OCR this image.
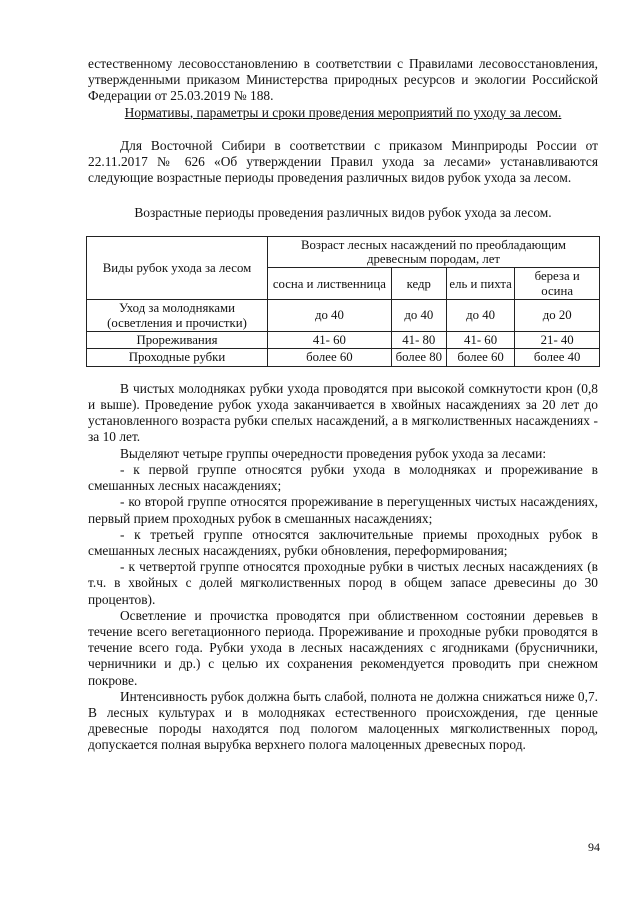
естественному лесовосстановлению в соответствии с Правилами лесовосстановления, утвержденными приказом Министерства природных ресурсов и экологии Российской Федерации от 25.03.2019 № 188.

Нормативы, параметры и сроки проведения мероприятий по уходу за лесом.

Для Восточной Сибири в соответствии с приказом Минприроды России от 22.11.2017 № 626 «Об утверждении Правил ухода за лесами» устанавливаются следующие возрастные периоды проведения различных видов рубок ухода за лесом.

Возрастные периоды проведения различных видов рубок ухода за лесом.

Виды рубок ухода за лесом	Возраст лесных насаждений по преобладающим древесным породам, лет			
	сосна и лиственница	кедр	ель и пихта	береза и осина
Уход за молодняками (осветления и прочистки)	до 40	до 40	до 40	до 20
Прореживания	41- 60	41- 80	41- 60	21- 40
Проходные рубки	более 60	более 80	более 60	более 40

В чистых молодняках рубки ухода проводятся при высокой сомкнутости крон (0,8 и выше). Проведение рубок ухода заканчивается в хвойных насаждениях за 20 лет до установленного возраста рубки спелых насаждений, а в мягколиственных насаждениях - за 10 лет.

Выделяют четыре группы очередности проведения рубок ухода за лесами:

- к первой группе относятся рубки ухода в молодняках и прореживание в смешанных лесных насаждениях;

- ко второй группе относятся прореживание в перегущенных чистых насаждениях, первый прием проходных рубок в смешанных насаждениях;

- к третьей группе относятся заключительные приемы проходных рубок в смешанных лесных насаждениях, рубки обновления, переформирования;

- к четвертой группе относятся проходные рубки в чистых лесных насаждениях (в т.ч. в хвойных с долей мягколиственных пород в общем запасе древесины до 30 процентов).

Осветление и прочистка проводятся при облиственном состоянии деревьев в течение всего вегетационного периода. Прореживание и проходные рубки проводятся в течение всего года. Рубки ухода в лесных насаждениях с ягодниками (брусничники, черничники и др.) с целью их сохранения рекомендуется проводить при снежном покрове.

Интенсивность рубок должна быть слабой, полнота не должна снижаться ниже 0,7. В лесных культурах и в молодняках естественного происхождения, где ценные древесные породы находятся под пологом малоценных мягколиственных пород, допускается полная вырубка верхнего полога малоценных древесных пород.

94
